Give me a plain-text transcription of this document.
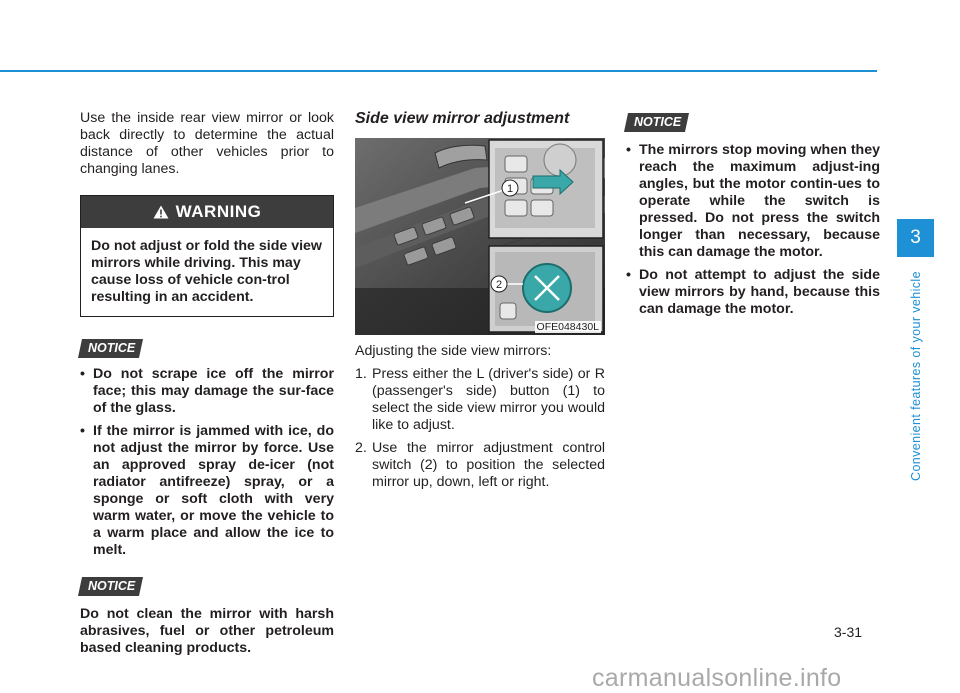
Use the inside rear view mirror or look back directly to determine the actual distance of other vehicles prior to changing lanes.

WARNING
Do not adjust or fold the side view mirrors while driving. This may cause loss of vehicle con-trol resulting in an accident.
NOTICE
• Do not scrape ice off the mirror face; this may damage the sur-face of the glass.
• If the mirror is jammed with ice, do not adjust the mirror by force. Use an approved spray de-icer (not radiator antifreeze) spray, or a sponge or soft cloth with very warm water, or move the vehicle to a warm place and allow the ice to melt.
NOTICE

Do not clean the mirror with harsh abrasives, fuel or other petroleum based cleaning products.

Side view mirror adjustment
1
2
OFE048430L

Adjusting the side view mirrors:

1. Press either the L (driver's side) or R (passenger's side) button (1) to select the side view mirror you would like to adjust.
2. Use the mirror adjustment control switch (2) to position the selected mirror up, down, left or right.
NOTICE
• The mirrors stop moving when they reach the maximum adjust-ing angles, but the motor contin-ues to operate while the switch is pressed. Do not press the switch longer than necessary, because this can damage the motor.
• Do not attempt to adjust the side view mirrors by hand, because this can damage the motor.
3
Convenient features of your vehicle
3-31
carmanualsonline.info
